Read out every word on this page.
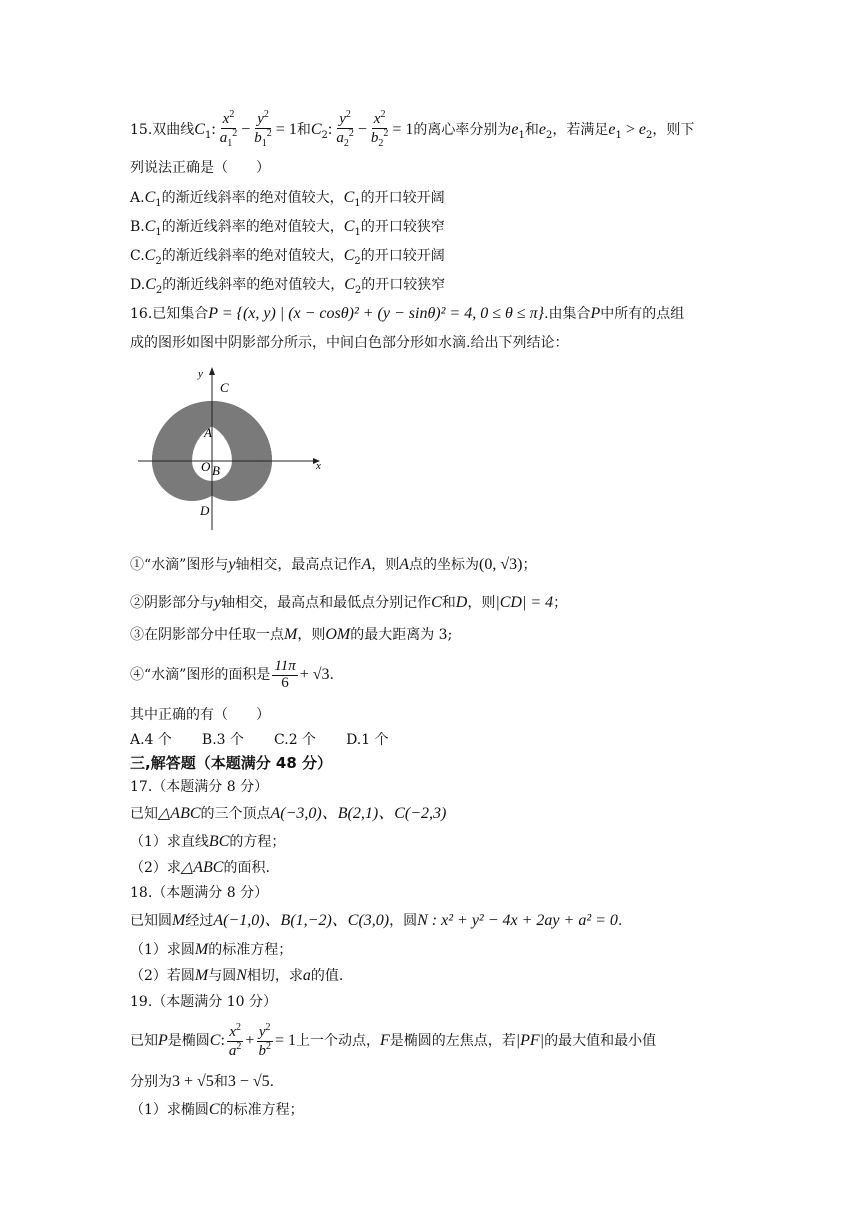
15.双曲线$C_1$: $\frac{x^2}{a_1^2} - \frac{y^2}{b_1^2} = 1$和$C_2$: $\frac{y^2}{a_2^2} - \frac{x^2}{b_2^2} = 1$的离心率分别为$e_1$和$e_2$，若满足$e_1 > e_2$，则下
列说法正确是（　　）
$A.C_1$的渐近线斜率的绝对值较大，$C_1$的开口较开阔
$B.C_1$的渐近线斜率的绝对值较大，$C_1$的开口较狭窄
$C.C_2$的渐近线斜率的绝对值较大，$C_2$的开口较开阔
$D.C_2$的渐近线斜率的绝对值较大，$C_2$的开口较狭窄
16.已知集合P = {(x, y) | (x − cosθ)² + (y − sinθ)² = 4, 0 ≤ θ ≤ π}.由集合P中所有的点组
成的图形如图中阴影部分所示，中间白色部分形如水滴.给出下列结论：
y
x
C
A
O B
D
①“水滴”图形与y轴相交，最高点记作A，则A点的坐标为(0, √3)；
②阴影部分与y轴相交，最高点和最低点分别记作C和D，则|CD| = 4；
③在阴影部分中任取一点M，则OM的最大距离为 3;
④“水滴”图形的面积是 $\frac{11\pi}{6} + √3$.
其中正确的有（　　）
A.4 个 B.3 个 C.2 个 D.1 个
三,解答题（本题满分 48 分）
17.（本题满分 8 分）
已知△ABC的三个顶点A(−3,0)、B(2,1)、C(−2,3)
（1）求直线BC的方程；
（2）求△ABC的面积.
18.（本题满分 8 分）
已知圆M经过A(−1,0)、B(1,−2)、C(3,0)，圆N : x² + y² − 4x + 2ay + a² = 0.
（1）求圆M的标准方程；
（2）若圆M与圆N相切，求a的值.
19.（本题满分 10 分）
已知P是椭圆C: $\frac{x^2}{a^2} + \frac{y^2}{b^2} = 1$上一个动点，F是椭圆的左焦点，若|PF|的最大值和最小值
分别为3 + √5和3 − √5.
（1）求椭圆C的标准方程；
